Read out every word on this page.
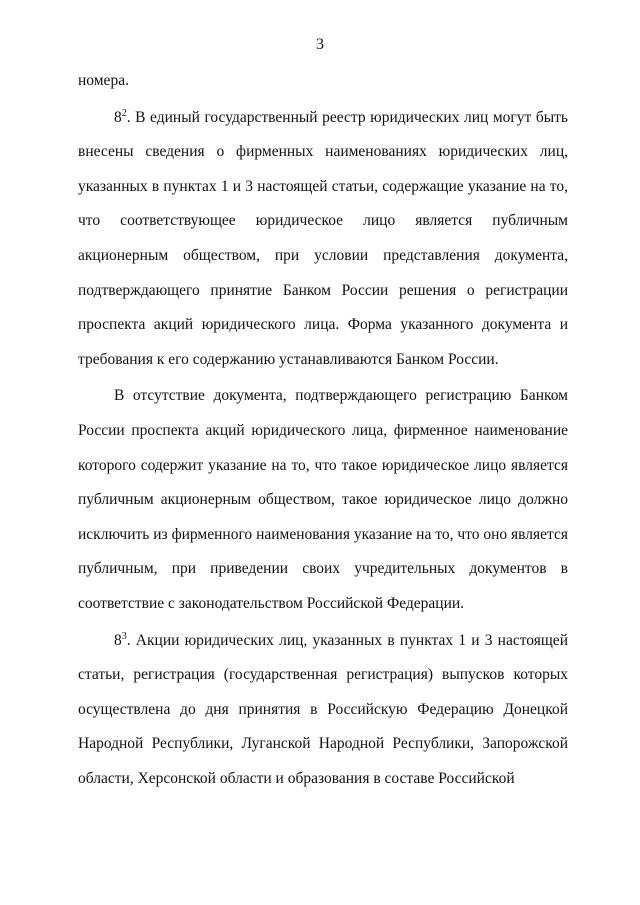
3

номера.

$8^2$. В единый государственный реестр юридических лиц могут быть внесены сведения о фирменных наименованиях юридических лиц, указанных в пунктах 1 и 3 настоящей статьи, содержащие указание на то, что соответствующее юридическое лицо является публичным акционерным обществом, при условии представления документа, подтверждающего принятие Банком России решения о регистрации проспекта акций юридического лица. Форма указанного документа и требования к его содержанию устанавливаются Банком России.

В отсутствие документа, подтверждающего регистрацию Банком России проспекта акций юридического лица, фирменное наименование которого содержит указание на то, что такое юридическое лицо является публичным акционерным обществом, такое юридическое лицо должно исключить из фирменного наименования указание на то, что оно является публичным, при приведении своих учредительных документов в соответствие с законодательством Российской Федерации.

$8^3$. Акции юридических лиц, указанных в пунктах 1 и 3 настоящей статьи, регистрация (государственная регистрация) выпусков которых осуществлена до дня принятия в Российскую Федерацию Донецкой Народной Республики, Луганской Народной Республики, Запорожской области, Херсонской области и образования в составе Российской
